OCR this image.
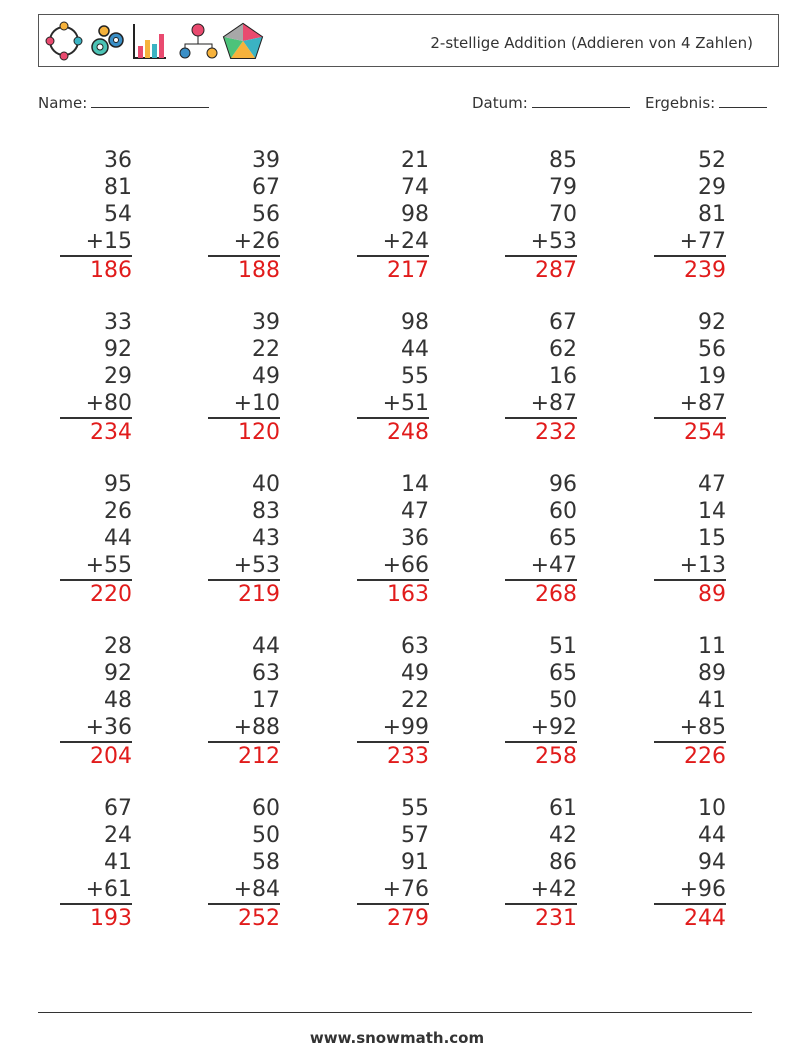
2-stellige Addition (Addieren von 4 Zahlen)
Name:	Datum:	Ergebnis:
36
81
54
+15
186
39
67
56
+26
188
21
74
98
+24
217
85
79
70
+53
287
52
29
81
+77
239
33
92
29
+80
234
39
22
49
+10
120
98
44
55
+51
248
67
62
16
+87
232
92
56
19
+87
254
95
26
44
+55
220
40
83
43
+53
219
14
47
36
+66
163
96
60
65
+47
268
47
14
15
+13
89
28
92
48
+36
204
44
63
17
+88
212
63
49
22
+99
233
51
65
50
+92
258
11
89
41
+85
226
67
24
41
+61
193
60
50
58
+84
252
55
57
91
+76
279
61
42
86
+42
231
10
44
94
+96
244
www.snowmath.com
